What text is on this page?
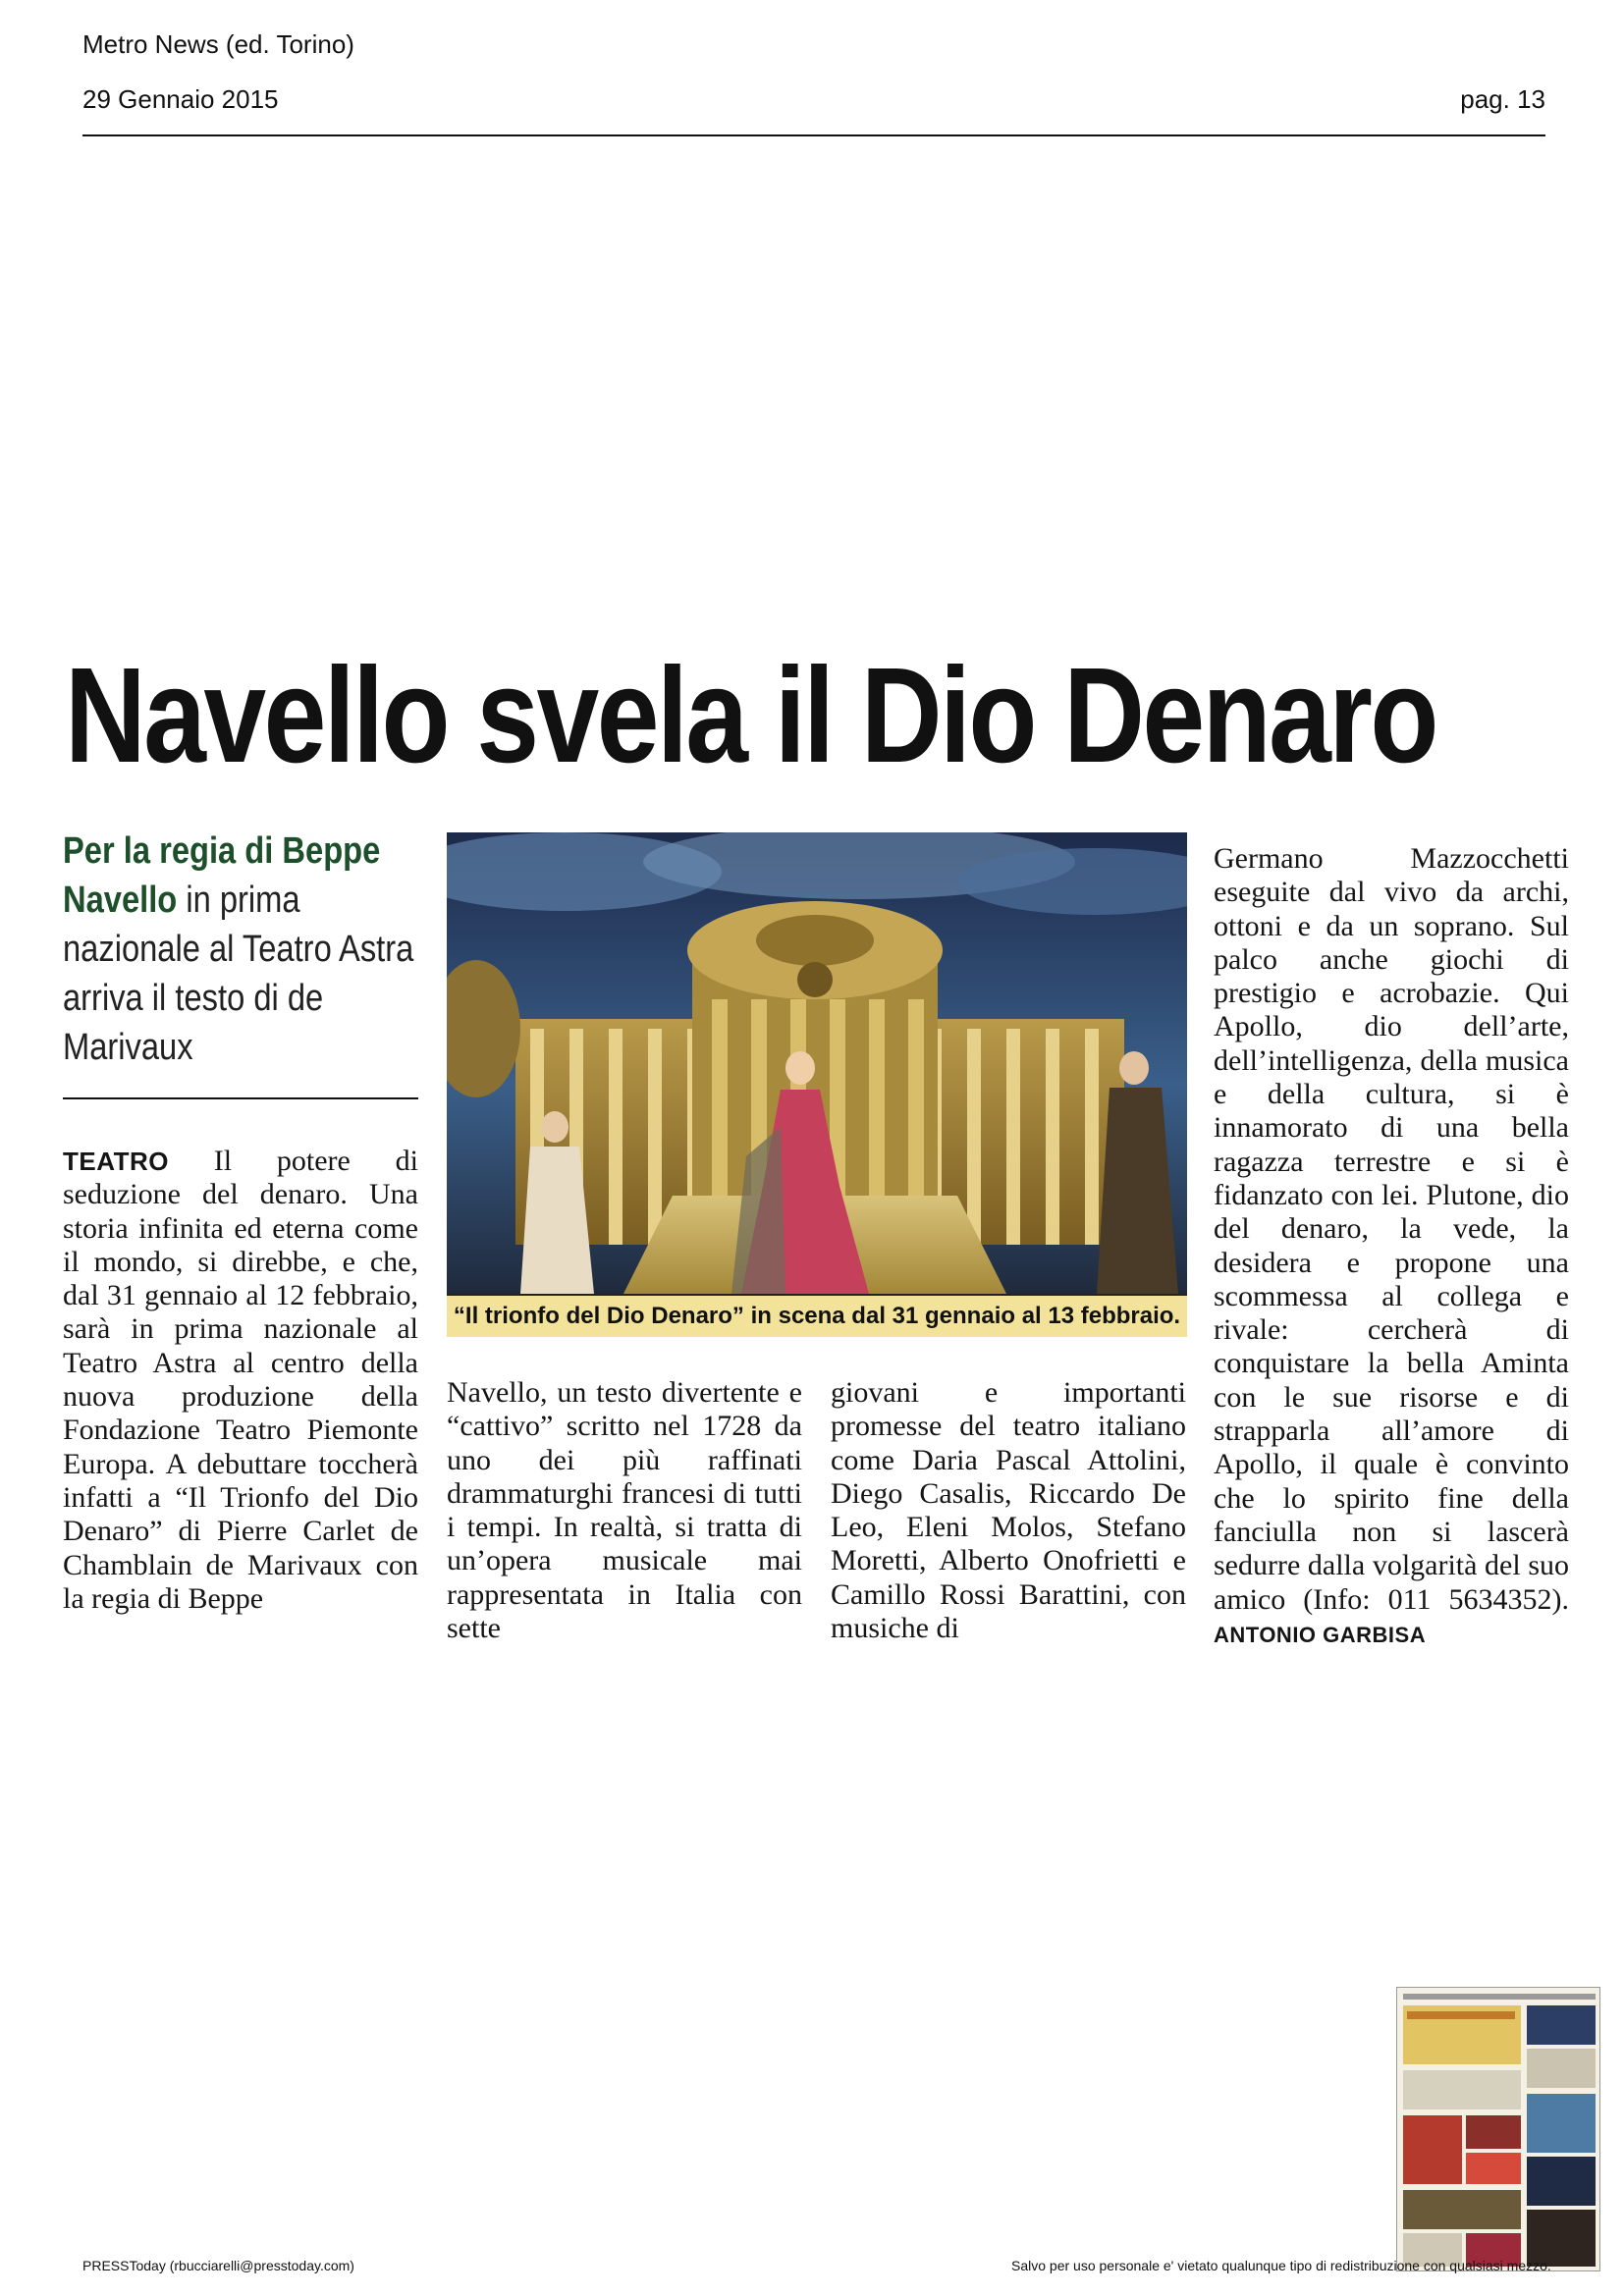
Metro News (ed. Torino)
29 Gennaio 2015	pag. 13
Navello svela il Dio Denaro
Per la regia di Beppe Navello in prima nazionale al Teatro Astra arriva il testo di de Marivaux
“Il trionfo del Dio Denaro” in scena dal 31 gennaio al 13 febbraio.

TEATRO Il potere di seduzione del denaro. Una storia infinita ed eterna come il mondo, si direbbe, e che, dal 31 gennaio al 12 febbraio, sarà in prima nazionale al Teatro Astra al centro della nuova produzione della Fondazione Teatro Piemonte Europa. A debuttare toccherà infatti a “Il Trionfo del Dio Denaro” di Pierre Carlet de Chamblain de Marivaux con la regia di Beppe

Navello, un testo divertente e “cattivo” scritto nel 1728 da uno dei più raffinati drammaturghi francesi di tutti i tempi. In realtà, si tratta di un’opera musicale mai rappresentata in Italia con sette

giovani e importanti promesse del teatro italiano come Daria Pascal Attolini, Diego Casalis, Riccardo De Leo, Eleni Molos, Stefano Moretti, Alberto Onofrietti e Camillo Rossi Barattini, con musiche di

Germano Mazzocchetti eseguite dal vivo da archi, ottoni e da un soprano. Sul palco anche giochi di prestigio e acrobazie. Qui Apollo, dio dell’arte, dell’intelligenza, della musica e della cultura, si è innamorato di una bella ragazza terrestre e si è fidanzato con lei. Plutone, dio del denaro, la vede, la desidera e propone una scommessa al collega e rivale: cercherà di conquistare la bella Aminta con le sue risorse e di strapparla all’amore di Apollo, il quale è convinto che lo spirito fine della fanciulla non si lascerà sedurre dalla volgarità del suo amico (Info: 011 5634352). ANTONIO GARBISA

PRESSToday (rbucciarelli@presstoday.com)	Salvo per uso personale e' vietato qualunque tipo di redistribuzione con qualsiasi mezzo.
